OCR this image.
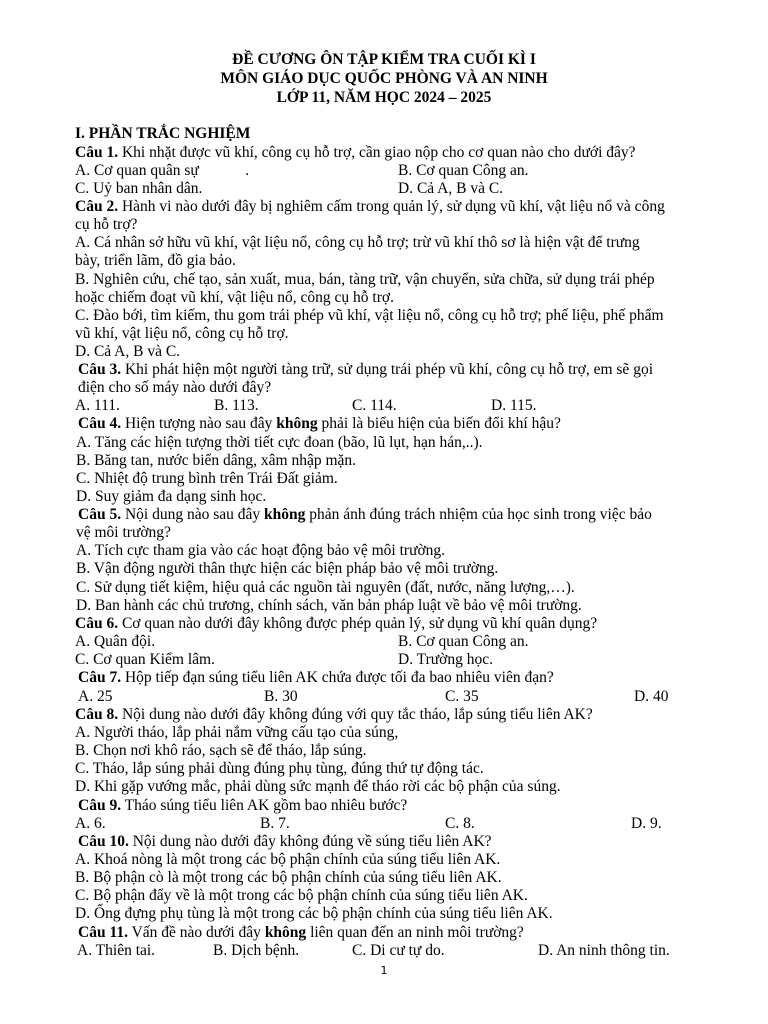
ĐỀ CƯƠNG ÔN TẬP KIỂM TRA CUỐI KÌ I
MÔN GIÁO DỤC QUỐC PHÒNG VÀ AN NINH
LỚP 11, NĂM HỌC 2024 – 2025
I. PHẦN TRẮC NGHIỆM
Câu 1. Khi nhặt được vũ khí, công cụ hỗ trợ, cần giao nộp cho cơ quan nào cho dưới đây?
A. Cơ quan quân sự            .	B. Cơ quan Công an.
C. Uỷ ban nhân dân.	D. Cả A, B và C.
Câu 2. Hành vi nào dưới đây bị nghiêm cấm trong quản lý, sử dụng vũ khí, vật liệu nổ và công
cụ hỗ trợ?
A. Cá nhân sở hữu vũ khí, vật liệu nổ, công cụ hỗ trợ; trừ vũ khí thô sơ là hiện vật để trưng
bày, triển lãm, đồ gia bảo.
B. Nghiên cứu, chế tạo, sản xuất, mua, bán, tàng trữ, vận chuyển, sửa chữa, sử dụng trái phép
hoặc chiếm đoạt vũ khí, vật liệu nổ, công cụ hỗ trợ.
C. Đào bới, tìm kiếm, thu gom trái phép vũ khí, vật liệu nổ, công cụ hỗ trợ; phế liệu, phế phẩm
vũ khí, vật liệu nổ, công cụ hỗ trợ.
D. Cả A, B và C.
Câu 3. Khi phát hiện một người tàng trữ, sử dụng trái phép vũ khí, công cụ hỗ trợ, em sẽ gọi
điện cho số máy nào dưới đây?
A. 111.	B. 113.	C. 114.	D. 115.
Câu 4. Hiện tượng nào sau đây không phải là biểu hiện của biến đổi khí hậu?
A. Tăng các hiện tượng thời tiết cực đoan (bão, lũ lụt, hạn hán,..).
B. Băng tan, nước biển dâng, xâm nhập mặn.
C. Nhiệt độ trung bình trên Trái Đất giảm.
D. Suy giảm đa dạng sinh học.
Câu 5. Nội dung nào sau đây không phản ánh đúng trách nhiệm của học sinh trong việc bảo
vệ môi trường?
A. Tích cực tham gia vào các hoạt động bảo vệ môi trường.
B. Vận động người thân thực hiện các biện pháp bảo vệ môi trường.
C. Sử dụng tiết kiệm, hiệu quả các nguồn tài nguyên (đất, nước, năng lượng,…).
D. Ban hành các chủ trương, chính sách, văn bản pháp luật về bảo vệ môi trường.
Câu 6. Cơ quan nào dưới đây không được phép quản lý, sử dụng vũ khí quân dụng?
A. Quân đội.	B. Cơ quan Công an.
C. Cơ quan Kiểm lâm.	D. Trường học.
Câu 7. Hộp tiếp đạn súng tiểu liên AK chứa được tối đa bao nhiêu viên đạn?
A. 25	B. 30	C. 35	D. 40
Câu 8. Nội dung nào dưới đây không đúng với quy tắc tháo, lắp súng tiểu liên AK?
A. Người tháo, lắp phải nắm vững cấu tạo của súng,
B. Chọn nơi khô ráo, sạch sẽ để tháo, lắp súng.
C. Tháo, lắp súng phải dùng đúng phụ tùng, đúng thứ tự động tác.
D. Khi gặp vướng mắc, phải dùng sức mạnh để tháo rời các bộ phận của súng.
Câu 9. Tháo súng tiểu liên AK gồm bao nhiêu bước?
A. 6.	B. 7.	C. 8.	D. 9.
Câu 10. Nội dung nào dưới đây không đúng về súng tiểu liên AK?
A. Khoá nòng là một trong các bộ phận chính của súng tiểu liên AK.
B. Bộ phận cò là một trong các bộ phận chính của súng tiểu liên AK.
C. Bộ phận đẩy về là một trong các bộ phận chính của súng tiểu liên AK.
D. Ống đựng phụ tùng là một trong các bộ phận chính của súng tiểu liên AK.
Câu 11. Vấn đề nào dưới đây không liên quan đến an ninh môi trường?
A. Thiên tai.	B. Dịch bệnh.	C. Di cư tự do.	D. An ninh thông tin.
1
